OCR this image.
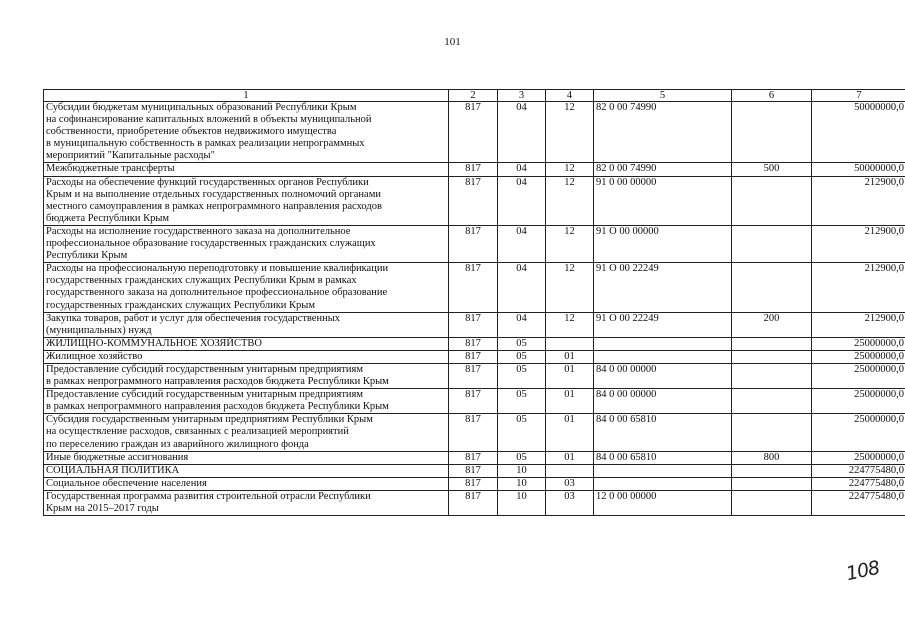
101
1	2	3	4	5	6	7
Субсидии бюджетам муниципальных образований Республики Крым
на софинансирование капитальных вложений в объекты муниципальной
собственности, приобретение объектов недвижимого имущества
в муниципальную собственность в рамках реализации непрограммных
мероприятий "Капитальные расходы"	817	04	12	82 0 00 74990		50000000,0
Межбюджетные трансферты	817	04	12	82 0 00 74990	500	50000000,0
Расходы на обеспечение функций государственных органов Республики
Крым и на выполнение отдельных государственных полномочий органами
местного самоуправления в рамках непрограммного направления расходов
бюджета Республики Крым	817	04	12	91 0 00 00000		212900,0
Расходы на исполнение государственного заказа на дополнительное
профессиональное образование государственных гражданских служащих
Республики Крым	817	04	12	91 О 00 00000		212900,0
Расходы на профессиональную переподготовку и повышение квалификации
государственных гражданских служащих Республики Крым в рамках
государственного заказа на дополнительное профессиональное образование
государственных гражданских служащих Республики Крым	817	04	12	91 О 00 22249		212900,0
Закупка товаров, работ и услуг для обеспечения государственных
(муниципальных) нужд	817	04	12	91 О 00 22249	200	212900,0
ЖИЛИЩНО-КОММУНАЛЬНОЕ ХОЗЯЙСТВО	817	05				25000000,0
Жилищное хозяйство	817	05	01			25000000,0
Предоставление субсидий государственным унитарным предприятиям
в рамках непрограммного направления расходов бюджета Республики Крым	817	05	01	84 0 00 00000		25000000,0
Предоставление субсидий государственным унитарным предприятиям
в рамках непрограммного направления расходов бюджета Республики Крым	817	05	01	84 0 00 00000		25000000,0
Субсидия государственным унитарным предприятиям Республики Крым
на осуществление расходов, связанных с реализацией мероприятий
по переселению граждан из аварийного жилищного фонда	817	05	01	84 0 00 65810		25000000,0
Иные бюджетные ассигнования	817	05	01	84 0 00 65810	800	25000000,0
СОЦИАЛЬНАЯ ПОЛИТИКА	817	10				224775480,0
Социальное обеспечение населения	817	10	03			224775480,0
Государственная программа развития строительной отрасли Республики
Крым на 2015–2017 годы	817	10	03	12 0 00 00000		224775480,0
108
